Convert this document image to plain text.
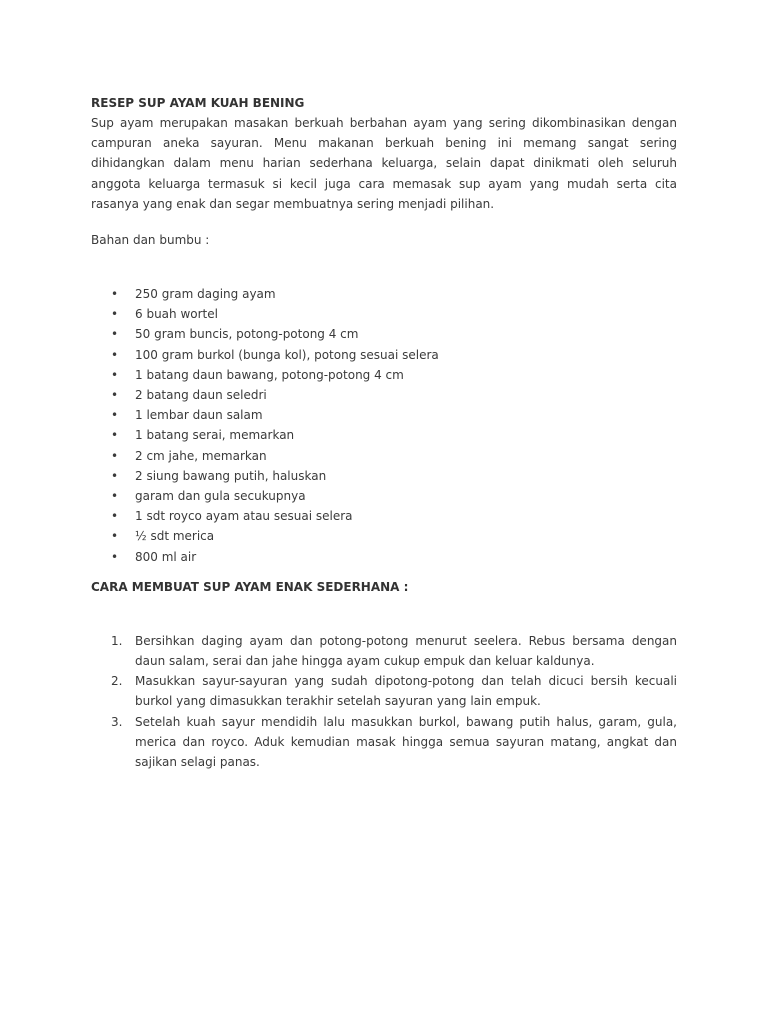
RESEP SUP AYAM KUAH BENING

Sup ayam merupakan masakan berkuah berbahan ayam yang sering dikombinasikan dengan campuran aneka sayuran. Menu makanan berkuah bening ini memang sangat sering dihidangkan dalam menu harian sederhana keluarga, selain dapat dinikmati oleh seluruh anggota keluarga termasuk si kecil juga cara memasak sup ayam yang mudah serta cita rasanya yang enak dan segar membuatnya sering menjadi pilihan.

Bahan dan bumbu :

• 250 gram daging ayam
• 6 buah wortel
• 50 gram buncis, potong-potong 4 cm
• 100 gram burkol (bunga kol), potong sesuai selera
• 1 batang daun bawang, potong-potong 4 cm
• 2 batang daun seledri
• 1 lembar daun salam
• 1 batang serai, memarkan
• 2 cm jahe, memarkan
• 2 siung bawang putih, haluskan
• garam dan gula secukupnya
• 1 sdt royco ayam atau sesuai selera
• ½ sdt merica
• 800 ml air

CARA MEMBUAT SUP AYAM ENAK SEDERHANA :

1. Bersihkan daging ayam dan potong-potong menurut seelera. Rebus bersama dengan daun salam, serai dan jahe hingga ayam cukup empuk dan keluar kaldunya.
2. Masukkan sayur-sayuran yang sudah dipotong-potong dan telah dicuci bersih kecuali burkol yang dimasukkan terakhir setelah sayuran yang lain empuk.
3. Setelah kuah sayur mendidih lalu masukkan burkol, bawang putih halus, garam, gula, merica dan royco. Aduk kemudian masak hingga semua sayuran matang, angkat dan sajikan selagi panas.
